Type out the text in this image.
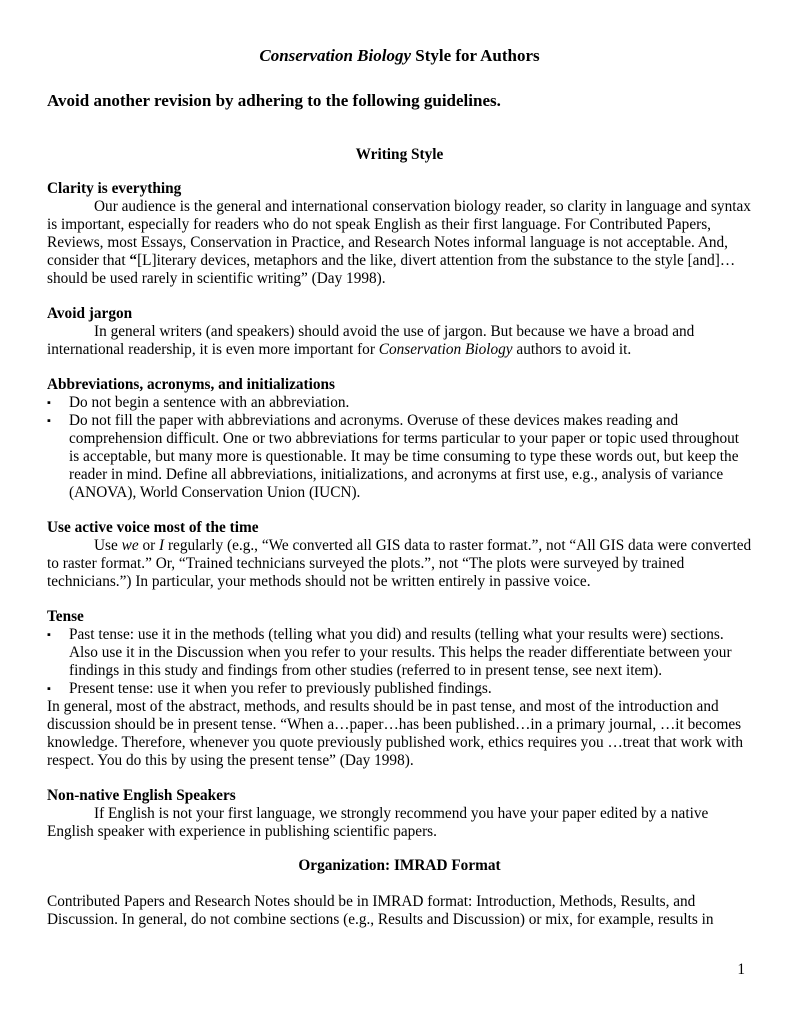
Conservation Biology Style for Authors
Avoid another revision by adhering to the following guidelines.
Writing Style

Clarity is everything

Our audience is the general and international conservation biology reader, so clarity in language and syntax is important, especially for readers who do not speak English as their first language. For Contributed Papers, Reviews, most Essays, Conservation in Practice, and Research Notes informal language is not acceptable. And, consider that “[L]iterary devices, metaphors and the like, divert attention from the substance to the style [and]…should be used rarely in scientific writing” (Day 1998).

Avoid jargon

In general writers (and speakers) should avoid the use of jargon. But because we have a broad and international readership, it is even more important for Conservation Biology authors to avoid it.

Abbreviations, acronyms, and initializations

▪ Do not begin a sentence with an abbreviation.
▪ Do not fill the paper with abbreviations and acronyms. Overuse of these devices makes reading and comprehension difficult. One or two abbreviations for terms particular to your paper or topic used throughout is acceptable, but many more is questionable. It may be time consuming to type these words out, but keep the reader in mind. Define all abbreviations, initializations, and acronyms at first use, e.g., analysis of variance (ANOVA), World Conservation Union (IUCN).

Use active voice most of the time

Use we or I regularly (e.g., “We converted all GIS data to raster format.”, not “All GIS data were converted to raster format.” Or, “Trained technicians surveyed the plots.”, not “The plots were surveyed by trained technicians.”) In particular, your methods should not be written entirely in passive voice.

Tense

▪ Past tense: use it in the methods (telling what you did) and results (telling what your results were) sections. Also use it in the Discussion when you refer to your results. This helps the reader differentiate between your findings in this study and findings from other studies (referred to in present tense, see next item).
▪ Present tense: use it when you refer to previously published findings.

In general, most of the abstract, methods, and results should be in past tense, and most of the introduction and discussion should be in present tense. “When a…paper…has been published…in a primary journal, …it becomes knowledge. Therefore, whenever you quote previously published work, ethics requires you …treat that work with respect. You do this by using the present tense” (Day 1998).

Non-native English Speakers

If English is not your first language, we strongly recommend you have your paper edited by a native English speaker with experience in publishing scientific papers.

Organization: IMRAD Format

Contributed Papers and Research Notes should be in IMRAD format: Introduction, Methods, Results, and Discussion. In general, do not combine sections (e.g., Results and Discussion) or mix, for example, results in

1
